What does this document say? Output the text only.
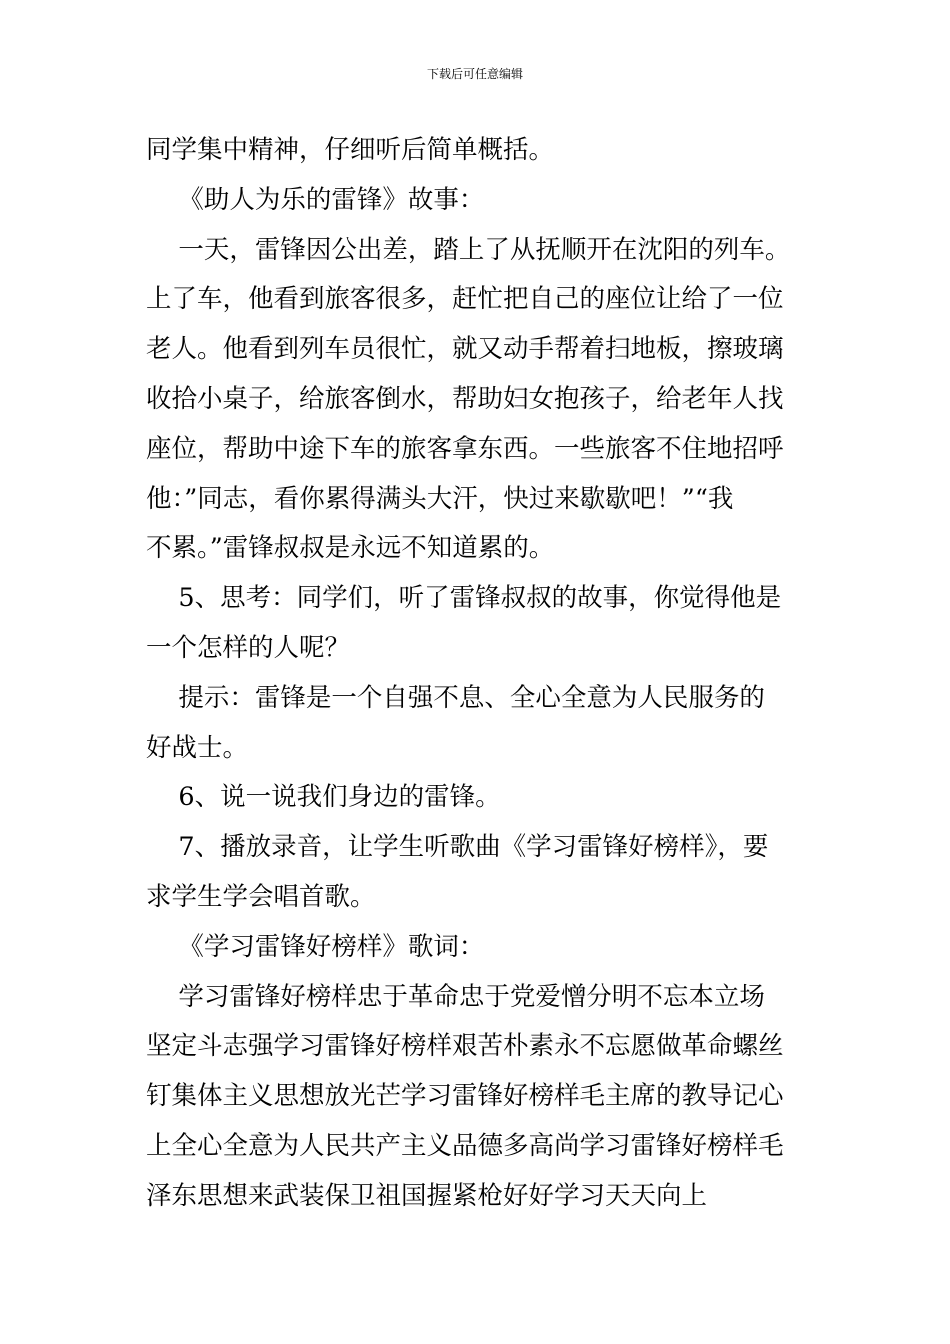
下载后可任意编辑
同学集中精神，仔细听后简单概括。
《助人为乐的雷锋》故事：
一天，雷锋因公出差，踏上了从抚顺开在沈阳的列车。
上了车，他看到旅客很多，赶忙把自己的座位让给了一位
老人。他看到列车员很忙，就又动手帮着扫地板，擦玻璃
收拾小桌子，给旅客倒水，帮助妇女抱孩子，给老年人找
座位，帮助中途下车的旅客拿东西。一些旅客不住地招呼
他：”同志，看你累得满头大汗，快过来歇歇吧！”“我
不累。”雷锋叔叔是永远不知道累的。
5、思考：同学们，听了雷锋叔叔的故事，你觉得他是
一个怎样的人呢？
提示：雷锋是一个自强不息、全心全意为人民服务的
好战士。
6、说一说我们身边的雷锋。
7、播放录音，让学生听歌曲《学习雷锋好榜样》，要
求学生学会唱首歌。
《学习雷锋好榜样》歌词：
学习雷锋好榜样忠于革命忠于党爱憎分明不忘本立场
坚定斗志强学习雷锋好榜样艰苦朴素永不忘愿做革命螺丝
钉集体主义思想放光芒学习雷锋好榜样毛主席的教导记心
上全心全意为人民共产主义品德多高尚学习雷锋好榜样毛
泽东思想来武装保卫祖国握紧枪好好学习天天向上
